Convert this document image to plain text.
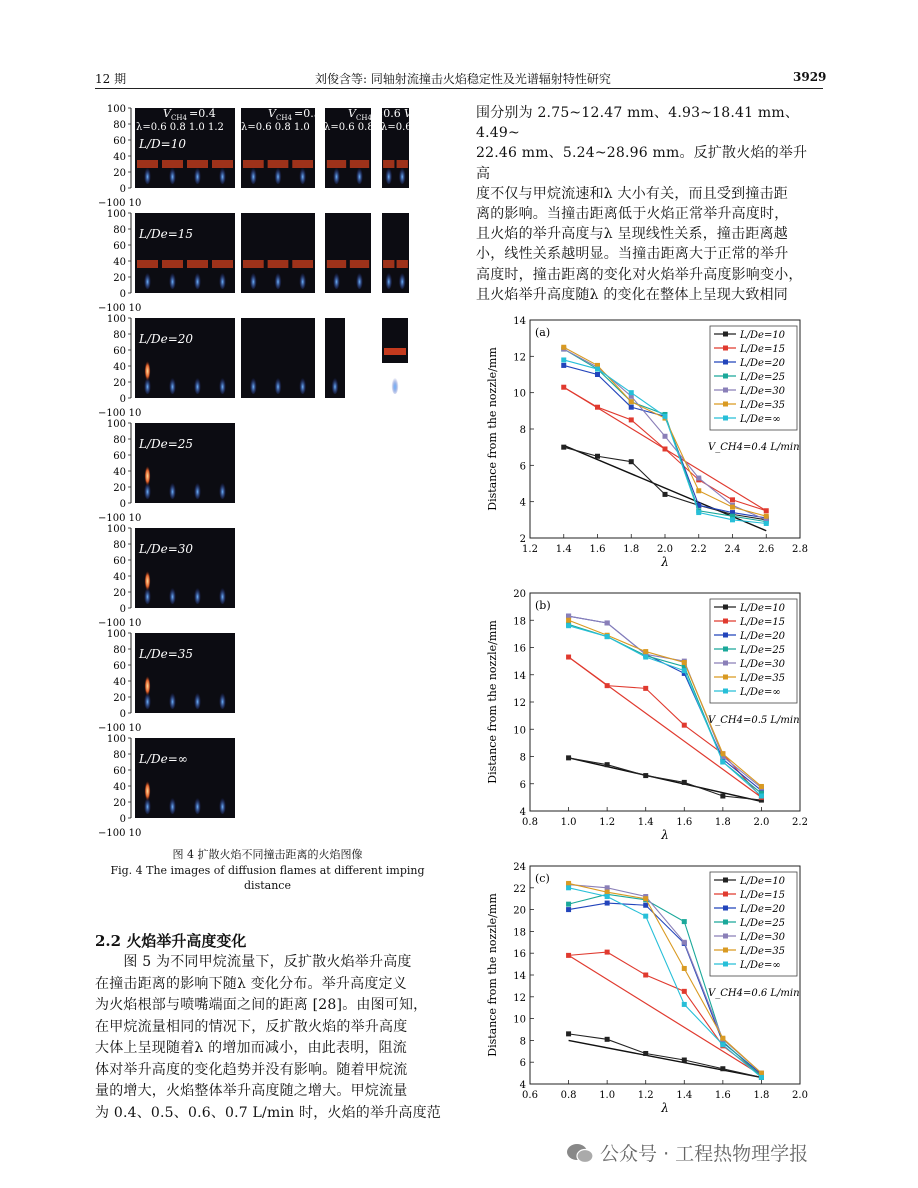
12 期	刘俊含等: 同轴射流撞击火焰稳定性及光谱辐射特性研究	3929

围分别为 2.75~12.47 mm、4.93~18.41 mm、4.49~

22.46 mm、5.24~28.96 mm。反扩散火焰的举升高

度不仅与甲烷流速和λ 大小有关，而且受到撞击距

离的影响。当撞击距离低于火焰正常举升高度时，

且火焰的举升高度与λ 呈现线性关系，撞击距离越

小，线性关系越明显。当撞击距离大于正常的举升

高度时，撞击距离的变化对火焰举升高度影响变小，

且火焰举升高度随λ 的变化在整体上呈现大致相同

100
80
60
40
20
0
−100 10
L/D=10
100
80
60
40
20
0
−100 10
L/De=15
100
80
60
40
20
0
−100 10
L/De=20
100
80
60
40
20
0
−100 10
L/De=25
100
80
60
40
20
0
−100 10
L/De=30
100
80
60
40
20
0
−100 10
L/De=35
100
80
60
40
20
0
−100 10
L/De=∞
V CH4 =0.4	V CH4 =0.5 V CH4 =0.6 V CH4 =0.7
λ=0.6 0.8 1.0 1.2 λ=0.6 0.8 1.0 λ=0.6 0.8 λ=0.6 0.8
图 4 扩散火焰不同撞击距离的火焰图像
Fig. 4 The images of diffusion flames at different imping
distance
2.2 火焰举升高度变化

　　图 5 为不同甲烷流量下，反扩散火焰举升高度

在撞击距离的影响下随λ 变化分布。举升高度定义

为火焰根部与喷嘴端面之间的距离 [28]。由图可知，

在甲烷流量相同的情况下，反扩散火焰的举升高度

大体上呈现随着λ 的增加而减小，由此表明，阻流

体对举升高度的变化趋势并没有影响。随着甲烷流

量的增大，火焰整体举升高度随之增大。甲烷流量

为 0.4、0.5、0.6、0.7 L/min 时，火焰的举升高度范

1.2 1.4 1.6 1.8 2.0 2.2 2.4 2.6 2.8
2
4
6
8
10
12
14
λ
Distance from the nozzle/mm
(a)	L/De=10
L/De=15
L/De=20
L/De=25
L/De=30
L/De=35
L/De=∞
V_CH4=0.4 L/min
0.8 1.0 1.2 1.4 1.6 1.8 2.0 2.2
4
6
8
10
12
14
16
18
20
λ
Distance from the nozzle/mm
(b)	L/De=10
L/De=15
L/De=20
L/De=25
L/De=30
L/De=35
L/De=∞
V_CH4=0.5 L/min
0.6 0.8 1.0 1.2 1.4 1.6 1.8 2.0
4
6
8
10
12
14
16
18
20
22
24
λ
Distance from the nozzle/mm
(c)	L/De=10
L/De=15
L/De=20
L/De=25
L/De=30
L/De=35
L/De=∞
V_CH4=0.6 L/min
公众号 · 工程热物理学报
